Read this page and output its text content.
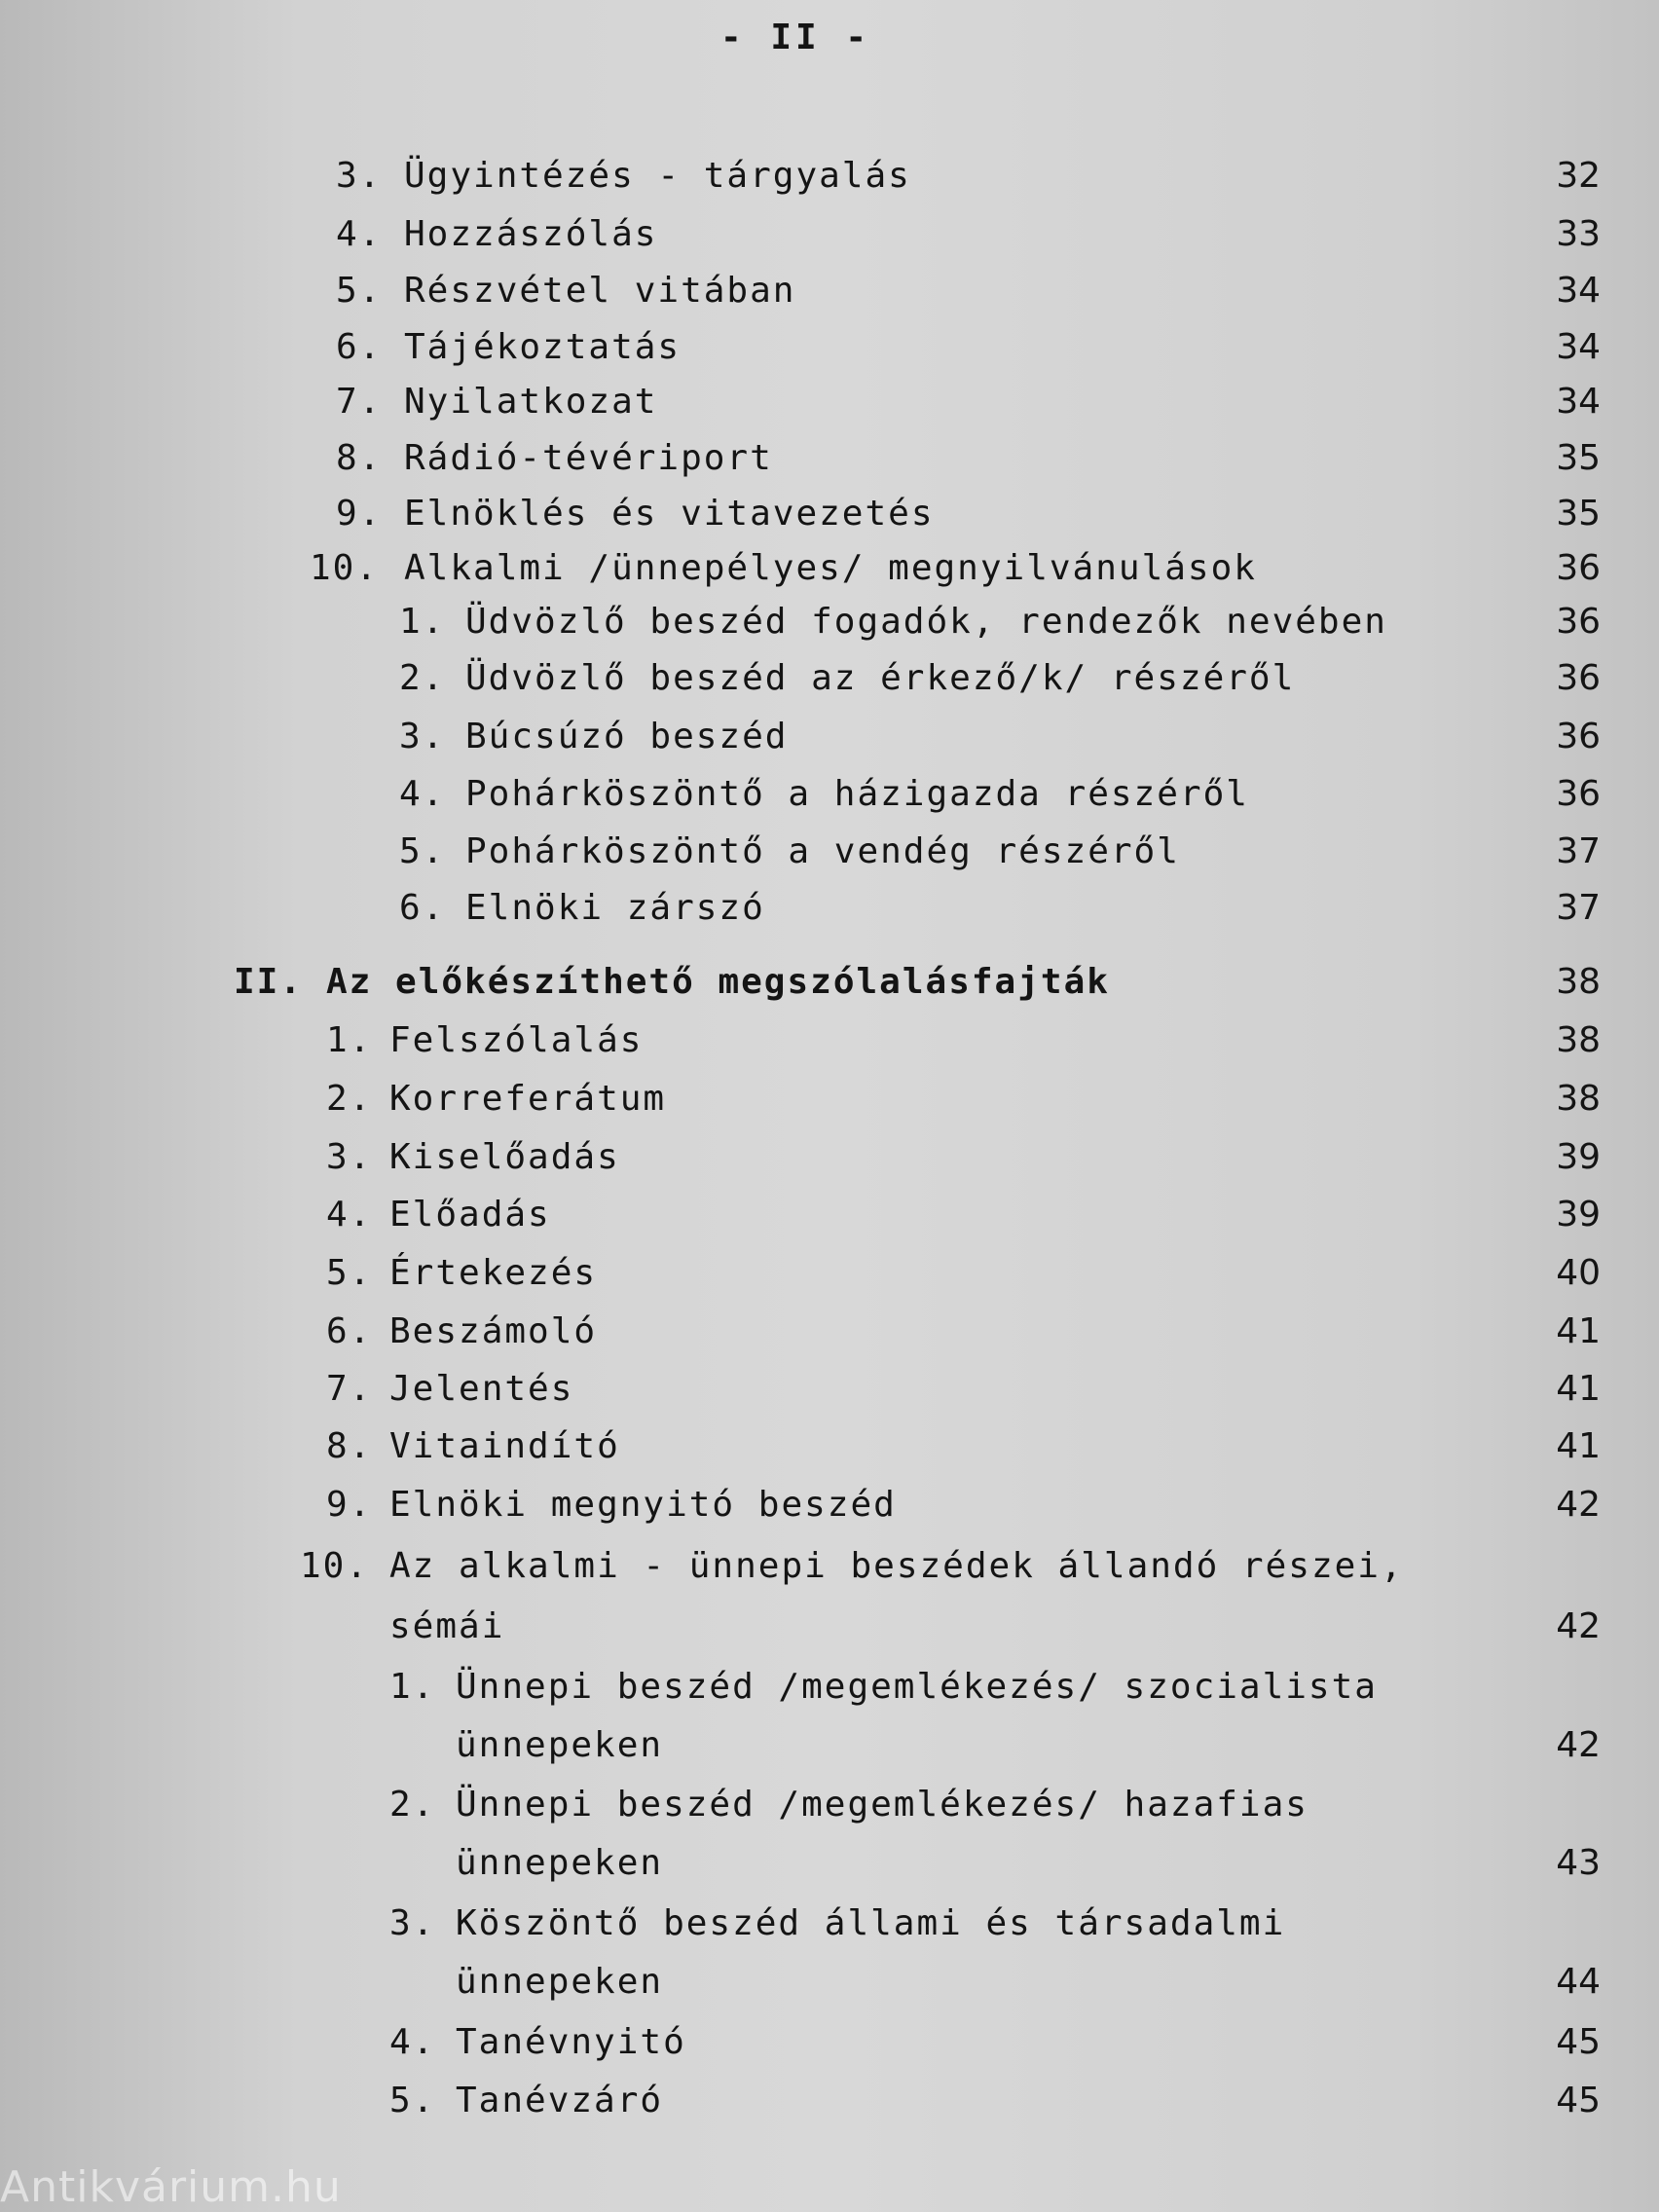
- II -
3. Ügyintézés - tárgyalás	32
4. Hozzászólás	33
5. Részvétel vitában	34
6. Tájékoztatás	34
7. Nyilatkozat	34
8. Rádió-tévériport	35
9. Elnöklés és vitavezetés	35
10. Alkalmi /ünnepélyes/ megnyilvánulások	36
1. Üdvözlő beszéd fogadók, rendezők nevében	36
2. Üdvözlő beszéd az érkező/k/ részéről	36
3. Búcsúzó beszéd	36
4. Pohárköszöntő a házigazda részéről	36
5. Pohárköszöntő a vendég részéről	37
6. Elnöki zárszó	37
II. Az előkészíthető megszólalásfajták	38
1. Felszólalás	38
2. Korreferátum	38
3. Kiselőadás	39
4. Előadás	39
5. Értekezés	40
6. Beszámoló	41
7. Jelentés	41
8. Vitaindító	41
9. Elnöki megnyitó beszéd	42
10. Az alkalmi - ünnepi beszédek állandó részei,
sémái	42
1. Ünnepi beszéd /megemlékezés/ szocialista
ünnepeken	42
2. Ünnepi beszéd /megemlékezés/ hazafias
ünnepeken	43
3. Köszöntő beszéd állami és társadalmi
ünnepeken	44
4. Tanévnyitó	45
5. Tanévzáró	45
Antikvárium.hu
